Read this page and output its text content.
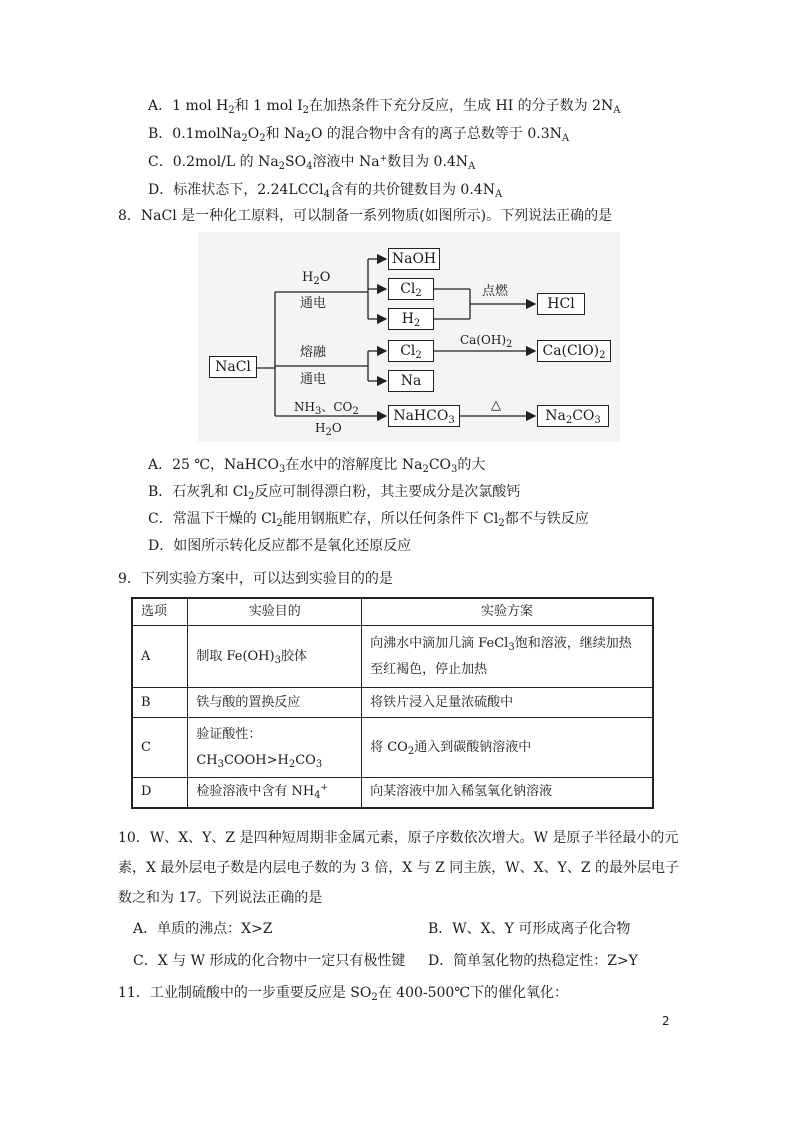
A．1 mol $H_2$和 1 mol $I_2$在加热条件下充分反应，生成 HI 的分子数为 $2N_A$
B．$0.1molNa_2O_2$和 $Na_2O$ 的混合物中含有的离子总数等于 $0.3N_A$
C．0.2mol/L 的 $Na_2SO_4$溶液中 Na+数目为 $0.4N_A$
D．标准状态下，2.24LCCl$_4$含有的共价键数目为 $0.4N_A$
8．NaCl 是一种化工原料，可以制备一系列物质(如图所示)。下列说法正确的是
NaCl
NaOH
$Cl_2$
$H_2$
HCl
$Cl_2$
Na
$Ca(ClO)_2$
NaHCO$_3$	$Na_2CO_3$
$H_2O$
通电
熔融
通电
点燃
$Ca(OH)_2$
$NH_3$、$CO_2$
$H_2O$
△
A．25 ℃，NaHCO$_3$在水中的溶解度比 $Na_2CO_3$的大
B．石灰乳和 $Cl_2$反应可制得漂白粉，其主要成分是次氯酸钙
C．常温下干燥的 $Cl_2$能用钢瓶贮存，所以任何条件下 $Cl_2$都不与铁反应
D．如图所示转化反应都不是氧化还原反应
9．下列实验方案中，可以达到实验目的的是
选项	实验目的	实验方案
A	制取 $Fe(OH)_3$胶体	向沸水中滴加几滴 FeCl$_3$饱和溶液，继续加热
至红褐色，停止加热

B	铁与酸的置换反应	将铁片浸入足量浓硫酸中
C	验证酸性：
$CH_3COOH>H_2CO_3$	将 $CO_2$通入到碳酸钠溶液中
D	检验溶液中含有 $NH_4^+$	向某溶液中加入稀氢氧化钠溶液
10．W、X、Y、Z 是四种短周期非金属元素，原子序数依次增大。W 是原子半径最小的元
素，X 最外层电子数是内层电子数的为 3 倍，X 与 Z 同主族，W、X、Y、Z 的最外层电子
数之和为 17。下列说法正确的是
A．单质的沸点：X>Z	B．W、X、Y 可形成离子化合物
C．X 与 W 形成的化合物中一定只有极性键 D．简单氢化物的热稳定性：Z>Y
11．工业制硫酸中的一步重要反应是 $SO_2$在 400-500℃下的催化氧化：
2
